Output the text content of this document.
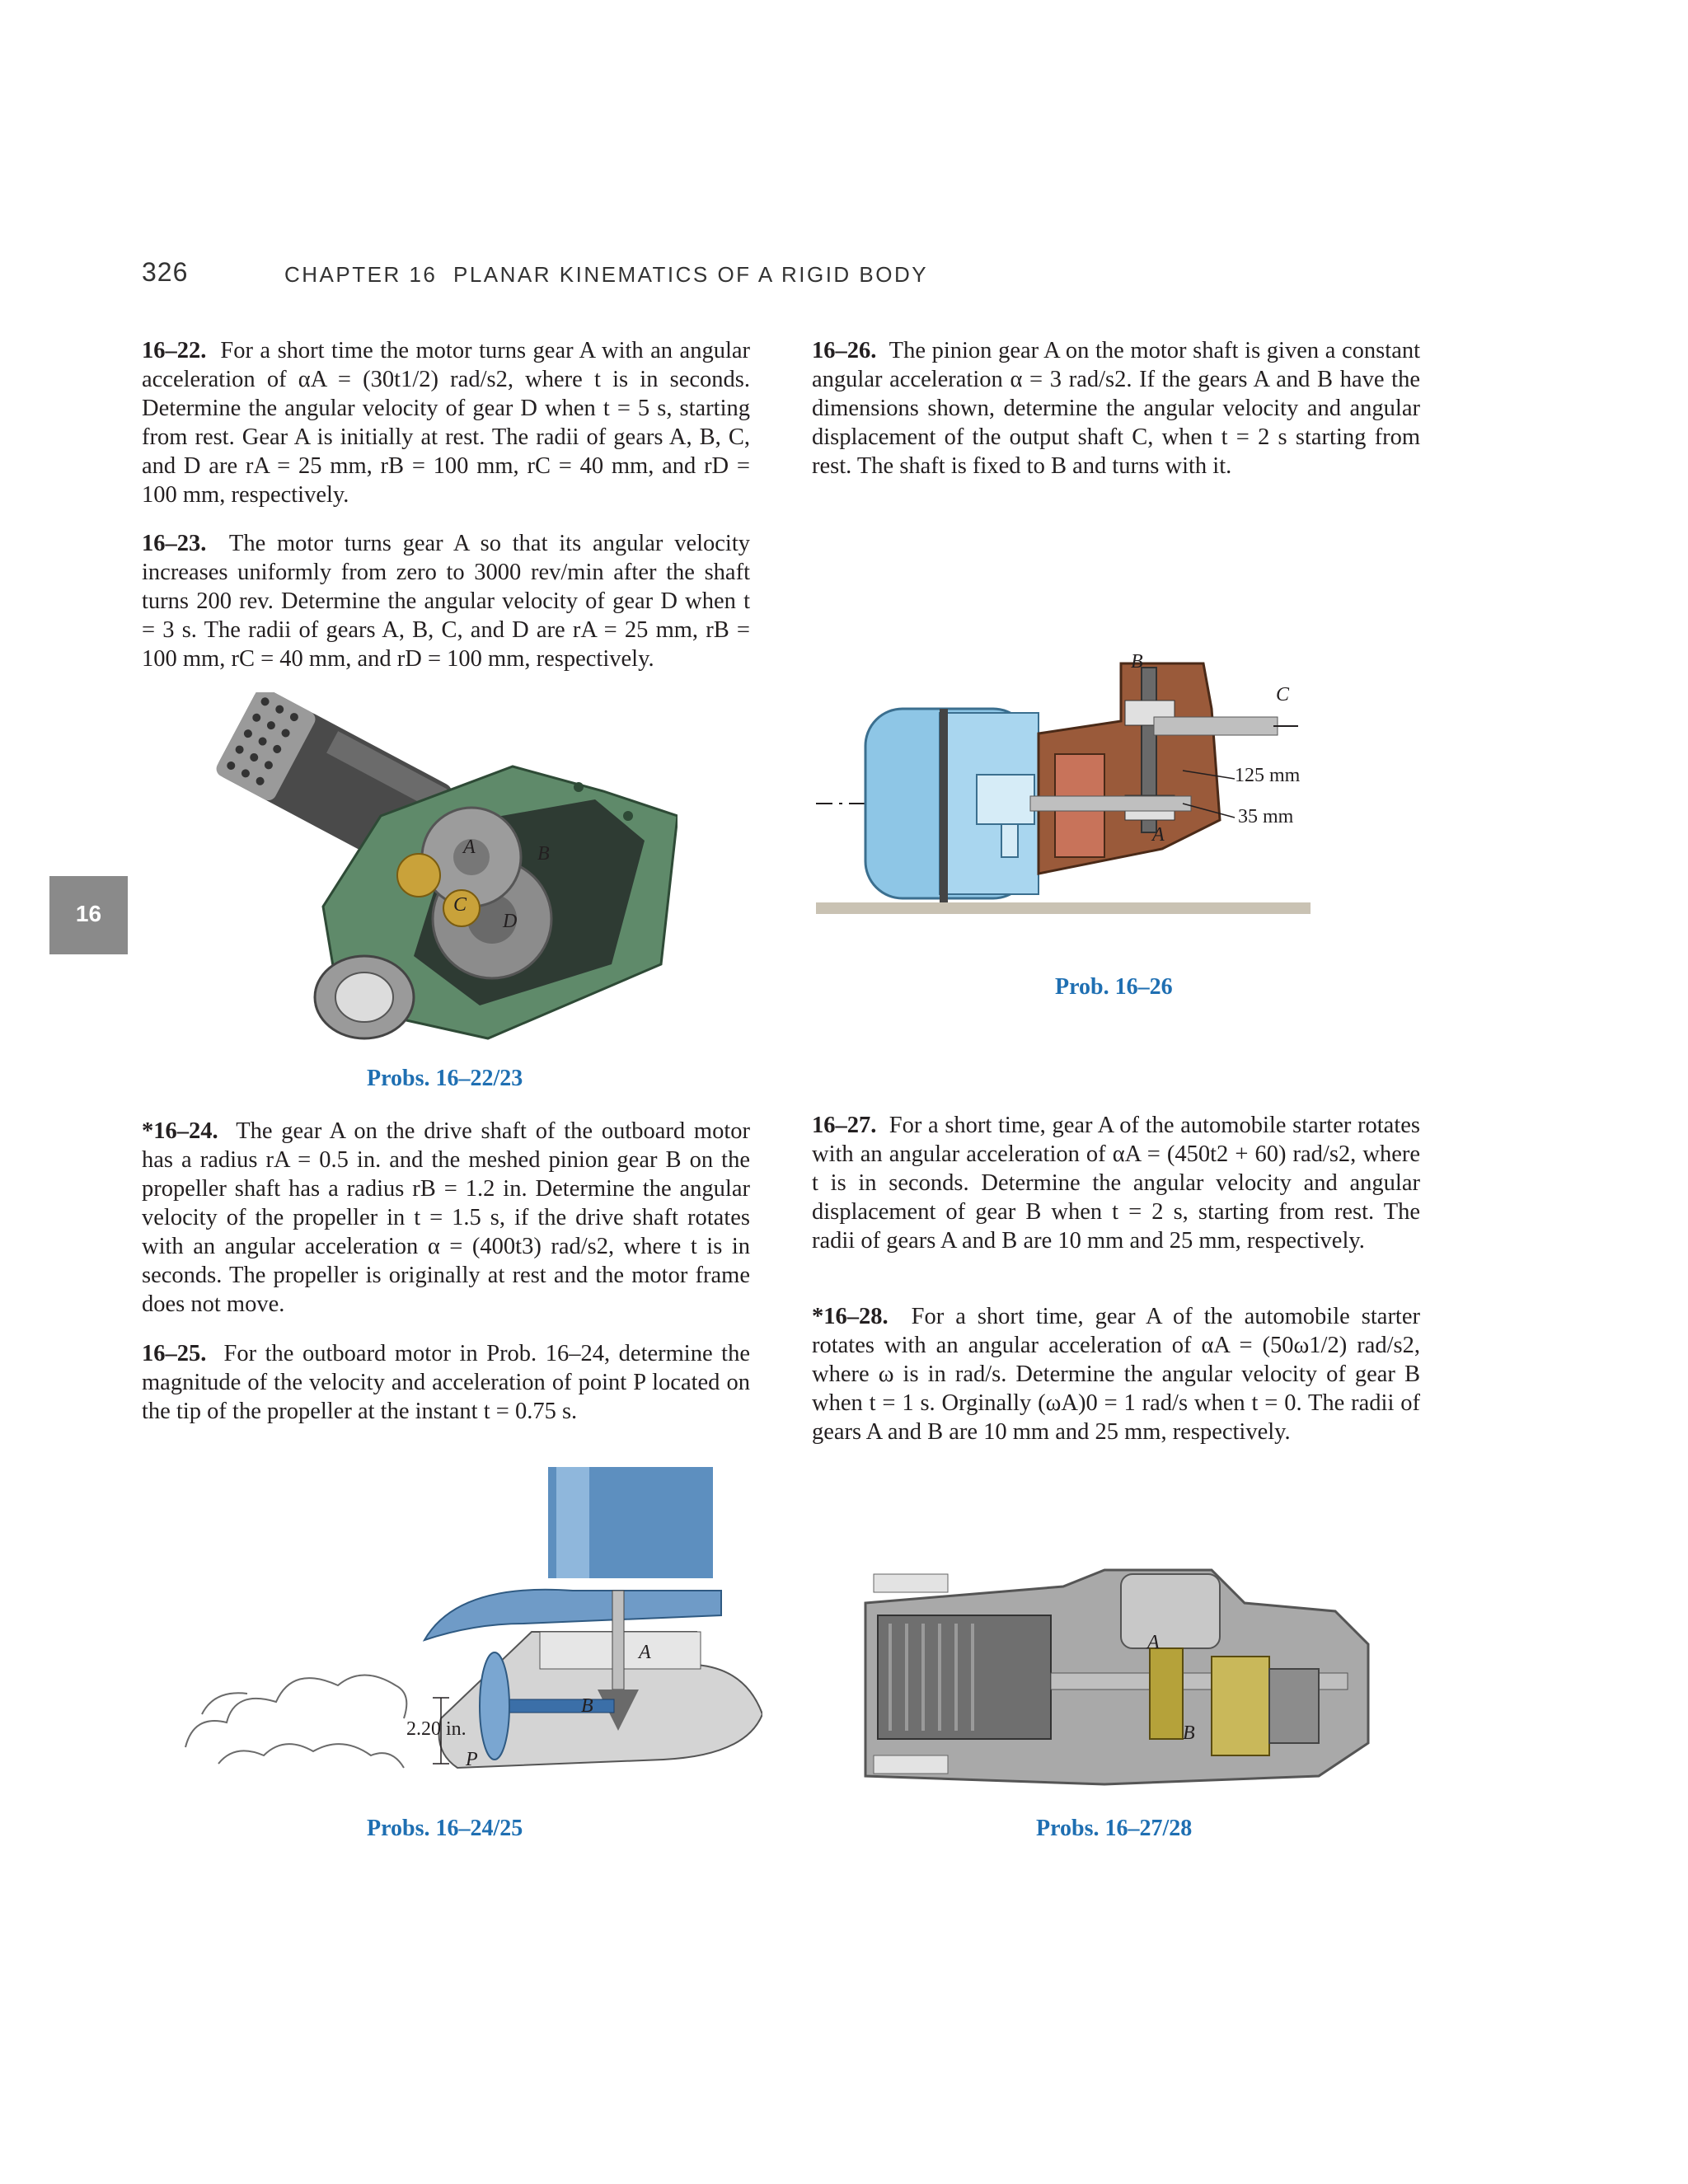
326	CHAPTER 16 PLANAR KINEMATICS OF A RIGID BODY
16

16–22. For a short time the motor turns gear A with an angular acceleration of αA = (30t1/2) rad/s2, where t is in seconds. Determine the angular velocity of gear D when t = 5 s, starting from rest. Gear A is initially at rest. The radii of gears A, B, C, and D are rA = 25 mm, rB = 100 mm, rC = 40 mm, and rD = 100 mm, respectively.

16–23. The motor turns gear A so that its angular velocity increases uniformly from zero to 3000 rev/min after the shaft turns 200 rev. Determine the angular velocity of gear D when t = 3 s. The radii of gears A, B, C, and D are rA = 25 mm, rB = 100 mm, rC = 40 mm, and rD = 100 mm, respectively.

16–26. The pinion gear A on the motor shaft is given a constant angular acceleration α = 3 rad/s2. If the gears A and B have the dimensions shown, determine the angular velocity and angular displacement of the output shaft C, when t = 2 s starting from rest. The shaft is fixed to B and turns with it.

A	B
C
D
Probs. 16–22/23
B
C
A
125 mm
35 mm
Prob. 16–26

*16–24. The gear A on the drive shaft of the outboard motor has a radius rA = 0.5 in. and the meshed pinion gear B on the propeller shaft has a radius rB = 1.2 in. Determine the angular velocity of the propeller in t = 1.5 s, if the drive shaft rotates with an angular acceleration α = (400t3) rad/s2, where t is in seconds. The propeller is originally at rest and the motor frame does not move.

16–25. For the outboard motor in Prob. 16–24, determine the magnitude of the velocity and acceleration of point P located on the tip of the propeller at the instant t = 0.75 s.

16–27. For a short time, gear A of the automobile starter rotates with an angular acceleration of αA = (450t2 + 60) rad/s2, where t is in seconds. Determine the angular velocity and angular displacement of gear B when t = 2 s, starting from rest. The radii of gears A and B are 10 mm and 25 mm, respectively.

*16–28. For a short time, gear A of the automobile starter rotates with an angular acceleration of αA = (50ω1/2) rad/s2, where ω is in rad/s. Determine the angular velocity of gear B when t = 1 s. Orginally (ωA)0 = 1 rad/s when t = 0. The radii of gears A and B are 10 mm and 25 mm, respectively.

2.20 in.
A
B
P
Probs. 16–24/25
A
B
Probs. 16–27/28
